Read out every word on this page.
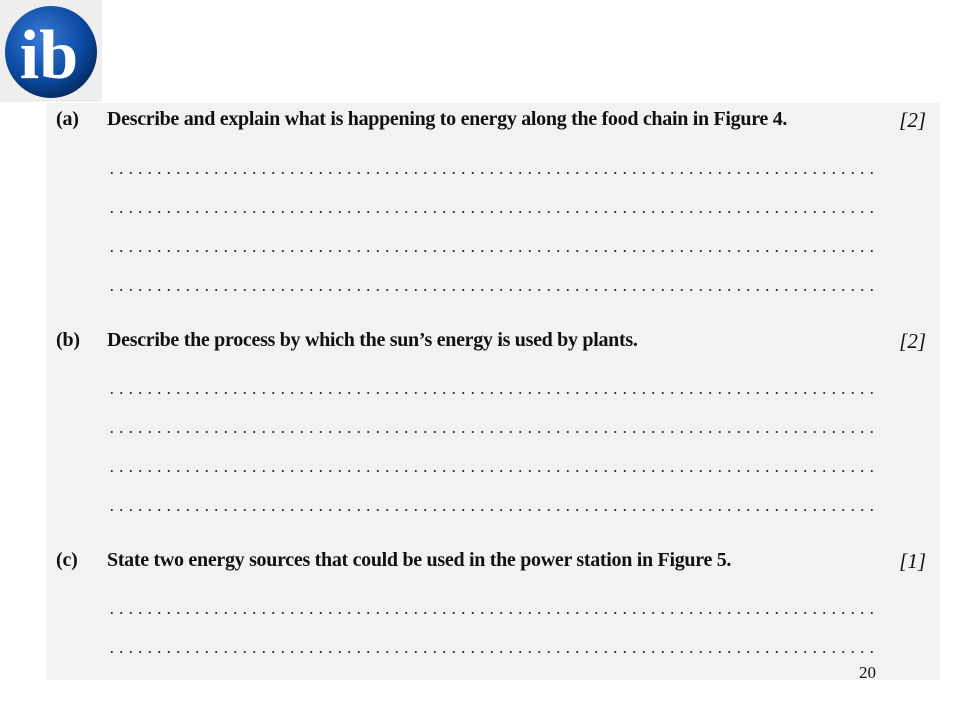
ib
(a) Describe and explain what is happening to energy along the food chain in Figure 4.	[2]
(b) Describe the process by which the sun’s energy is used by plants.	[2]
(c) State two energy sources that could be used in the power station in Figure 5.	[1]
20
